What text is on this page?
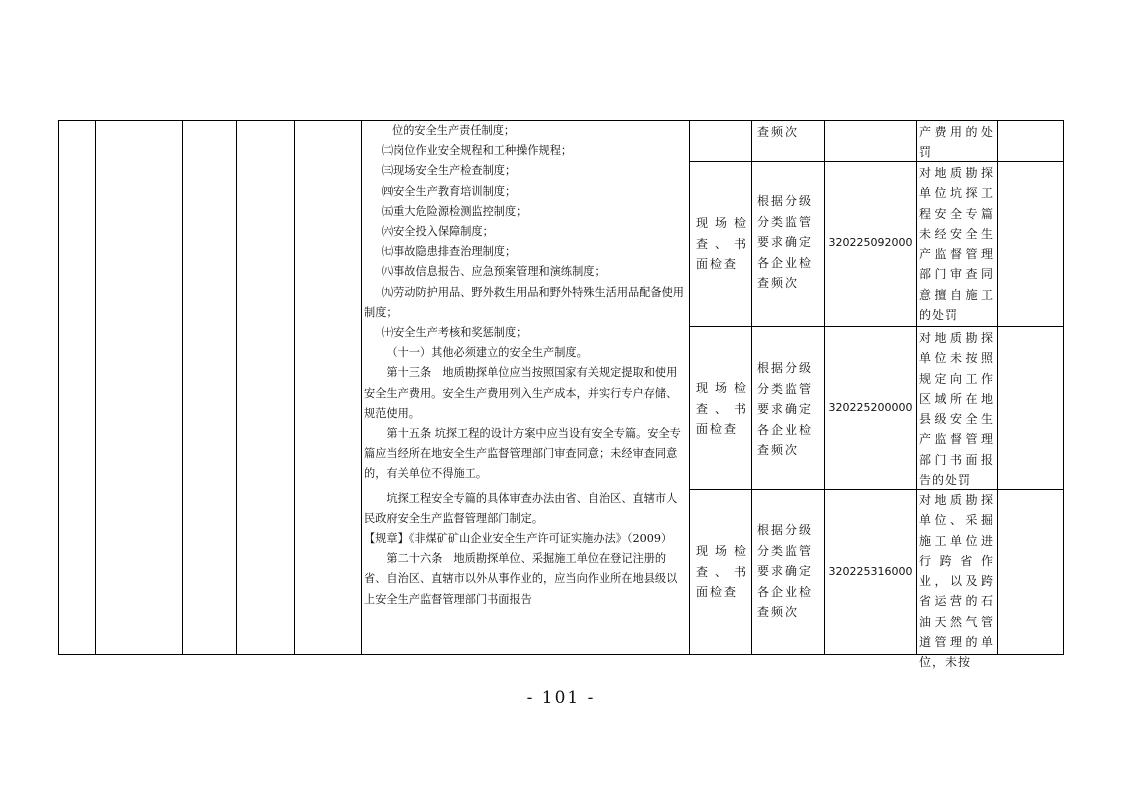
位的安全生产责任制度；

㈡岗位作业安全规程和工种操作规程；

㈢现场安全生产检查制度；

㈣安全生产教育培训制度；

㈤重大危险源检测监控制度；

㈥安全投入保障制度；

㈦事故隐患排查治理制度；

㈧事故信息报告、应急预案管理和演练制度；

㈨劳动防护用品、野外救生用品和野外特殊生活用品配备使用制度；

㈩安全生产考核和奖惩制度；

（十一）其他必须建立的安全生产制度。

第十三条　地质勘探单位应当按照国家有关规定提取和使用安全生产费用。安全生产费用列入生产成本，并实行专户存储、 规范使用。

第十五条 坑探工程的设计方案中应当设有安全专篇。安全专篇应当经所在地安全生产监督管理部门审查同意；未经审查同意的，有关单位不得施工。

坑探工程安全专篇的具体审查办法由省、自治区、直辖市人民政府安全生产监督管理部门制定。

【规章】《非煤矿矿山企业安全生产许可证实施办法》（2009）

第二十六条　地质勘探单位、采掘施工单位在登记注册的省、自治区、直辖市以外从事作业的，应当向作业所在地县级以上安全生产监督管理部门书面报告

查频次	产费用的处罚
现场检查、书面检查
根据分级分类监管要求确定各企业检查频次
320225092000
对地质勘探单位坑探工程安全专篇未经安全生产监督管理部门审查同意擅自施工的处罚
现场检查、书面检查
根据分级分类监管要求确定各企业检查频次
320225200000
对地质勘探单位未按照规定向工作区域所在地县级安全生产监督管理部门书面报告的处罚
现场检查、书面检查
根据分级分类监管要求确定各企业检查频次
320225316000
对地质勘探单位、采掘施工单位进行跨省作业，以及跨省运营的石油天然气管道管理的单位，未按
- 101 -
